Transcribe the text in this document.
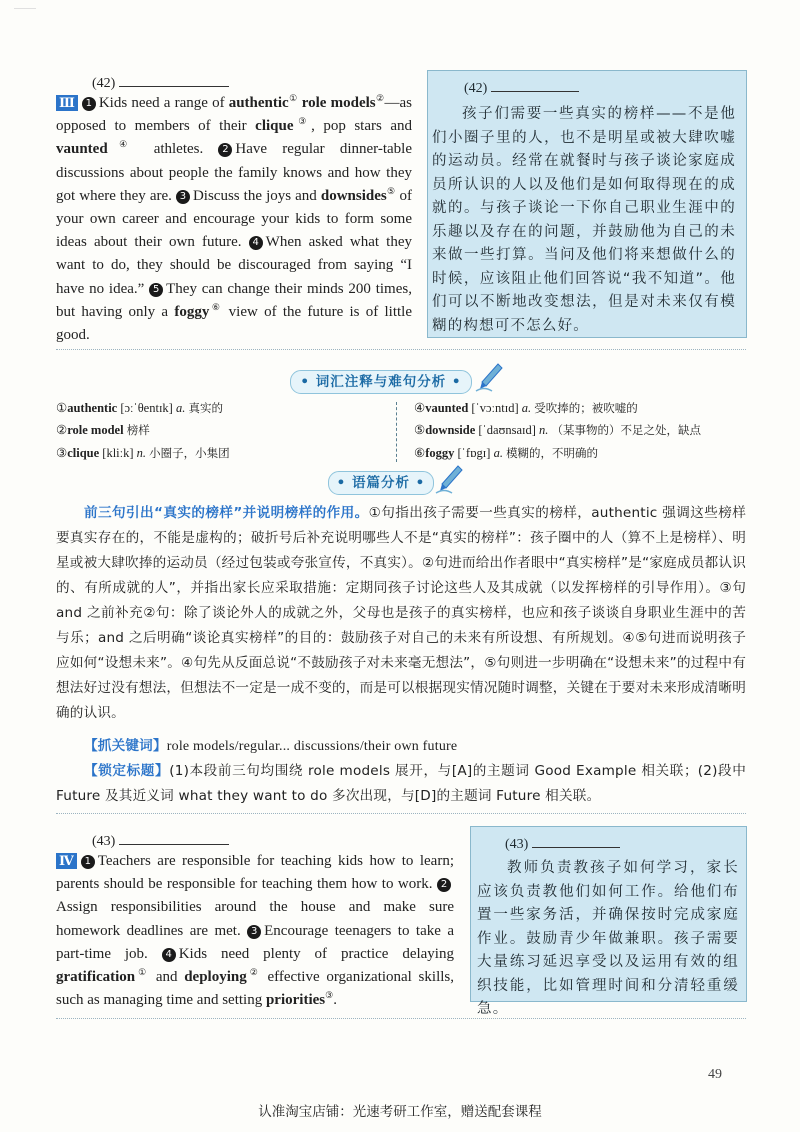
(42)
Ⅲ 1 Kids need a range of authentic① role models②—as opposed to members of their clique③, pop stars and vaunted④ athletes. 2 Have regular dinner-table discussions about people the family knows and how they got where they are. 3 Discuss the joys and downsides⑤ of your own career and encourage your kids to form some ideas about their own future. 4 When asked what they want to do, they should be discouraged from saying “I have no idea.” 5 They can change their minds 200 times, but having only a foggy⑥ view of the future is of little good.
(42)
孩子们需要一些真实的榜样——不是他们小圈子里的人，也不是明星或被大肆吹嘘的运动员。经常在就餐时与孩子谈论家庭成员所认识的人以及他们是如何取得现在的成就的。与孩子谈论一下你自己职业生涯中的乐趣以及存在的问题，并鼓励他为自己的未来做一些打算。当问及他们将来想做什么的时候，应该阻止他们回答说“我不知道”。他们可以不断地改变想法，但是对未来仅有模糊的构想可不怎么好。
• 词汇注释与难句分析 •
①authentic [ɔːˈθentɪk] a. 真实的
②role model 榜样
③clique [kliːk] n. 小圈子，小集团
④vaunted [ˈvɔːntɪd] a. 受吹捧的；被吹嘘的
⑤downside [ˈdaʊnsaɪd] n. （某事物的）不足之处，缺点
⑥foggy [ˈfɒgɪ] a. 模糊的，不明确的
• 语篇分析 •
前三句引出“真实的榜样”并说明榜样的作用。①句指出孩子需要一些真实的榜样，authentic 强调这些榜样要真实存在的，不能是虚构的；破折号后补充说明哪些人不是“真实的榜样”：孩子圈中的人（算不上是榜样）、明星或被大肆吹捧的运动员（经过包装或夸张宣传，不真实）。②句进而给出作者眼中“真实榜样”是“家庭成员都认识的、有所成就的人”，并指出家长应采取措施：定期同孩子讨论这些人及其成就（以发挥榜样的引导作用）。③句 and 之前补充②句：除了谈论外人的成就之外，父母也是孩子的真实榜样，也应和孩子谈谈自身职业生涯中的苦与乐；and 之后明确“谈论真实榜样”的目的：鼓励孩子对自己的未来有所设想、有所规划。④⑤句进而说明孩子应如何“设想未来”。④句先从反面总说“不鼓励孩子对未来毫无想法”，⑤句则进一步明确在“设想未来”的过程中有想法好过没有想法，但想法不一定是一成不变的，而是可以根据现实情况随时调整，关键在于要对未来形成清晰明确的认识。
【抓关键词】role models/regular... discussions/their own future
【锁定标题】(1)本段前三句均围绕 role models 展开，与[A]的主题词 Good Example 相关联；(2)段中 Future 及其近义词 what they want to do 多次出现，与[D]的主题词 Future 相关联。
(43)
Ⅳ 1 Teachers are responsible for teaching kids how to learn; parents should be responsible for teaching them how to work. 2Assign responsibilities around the house and make sure homework deadlines are met. 3 Encourage teenagers to take a part-time job. 4 Kids need plenty of practice delaying gratification① and deploying② effective organizational skills, such as managing time and setting priorities③.
(43)
教师负责教孩子如何学习，家长应该负责教他们如何工作。给他们布置一些家务活，并确保按时完成家庭作业。鼓励青少年做兼职。孩子需要大量练习延迟享受以及运用有效的组织技能，比如管理时间和分清轻重缓急。
49
认准淘宝店铺：光速考研工作室，赠送配套课程
